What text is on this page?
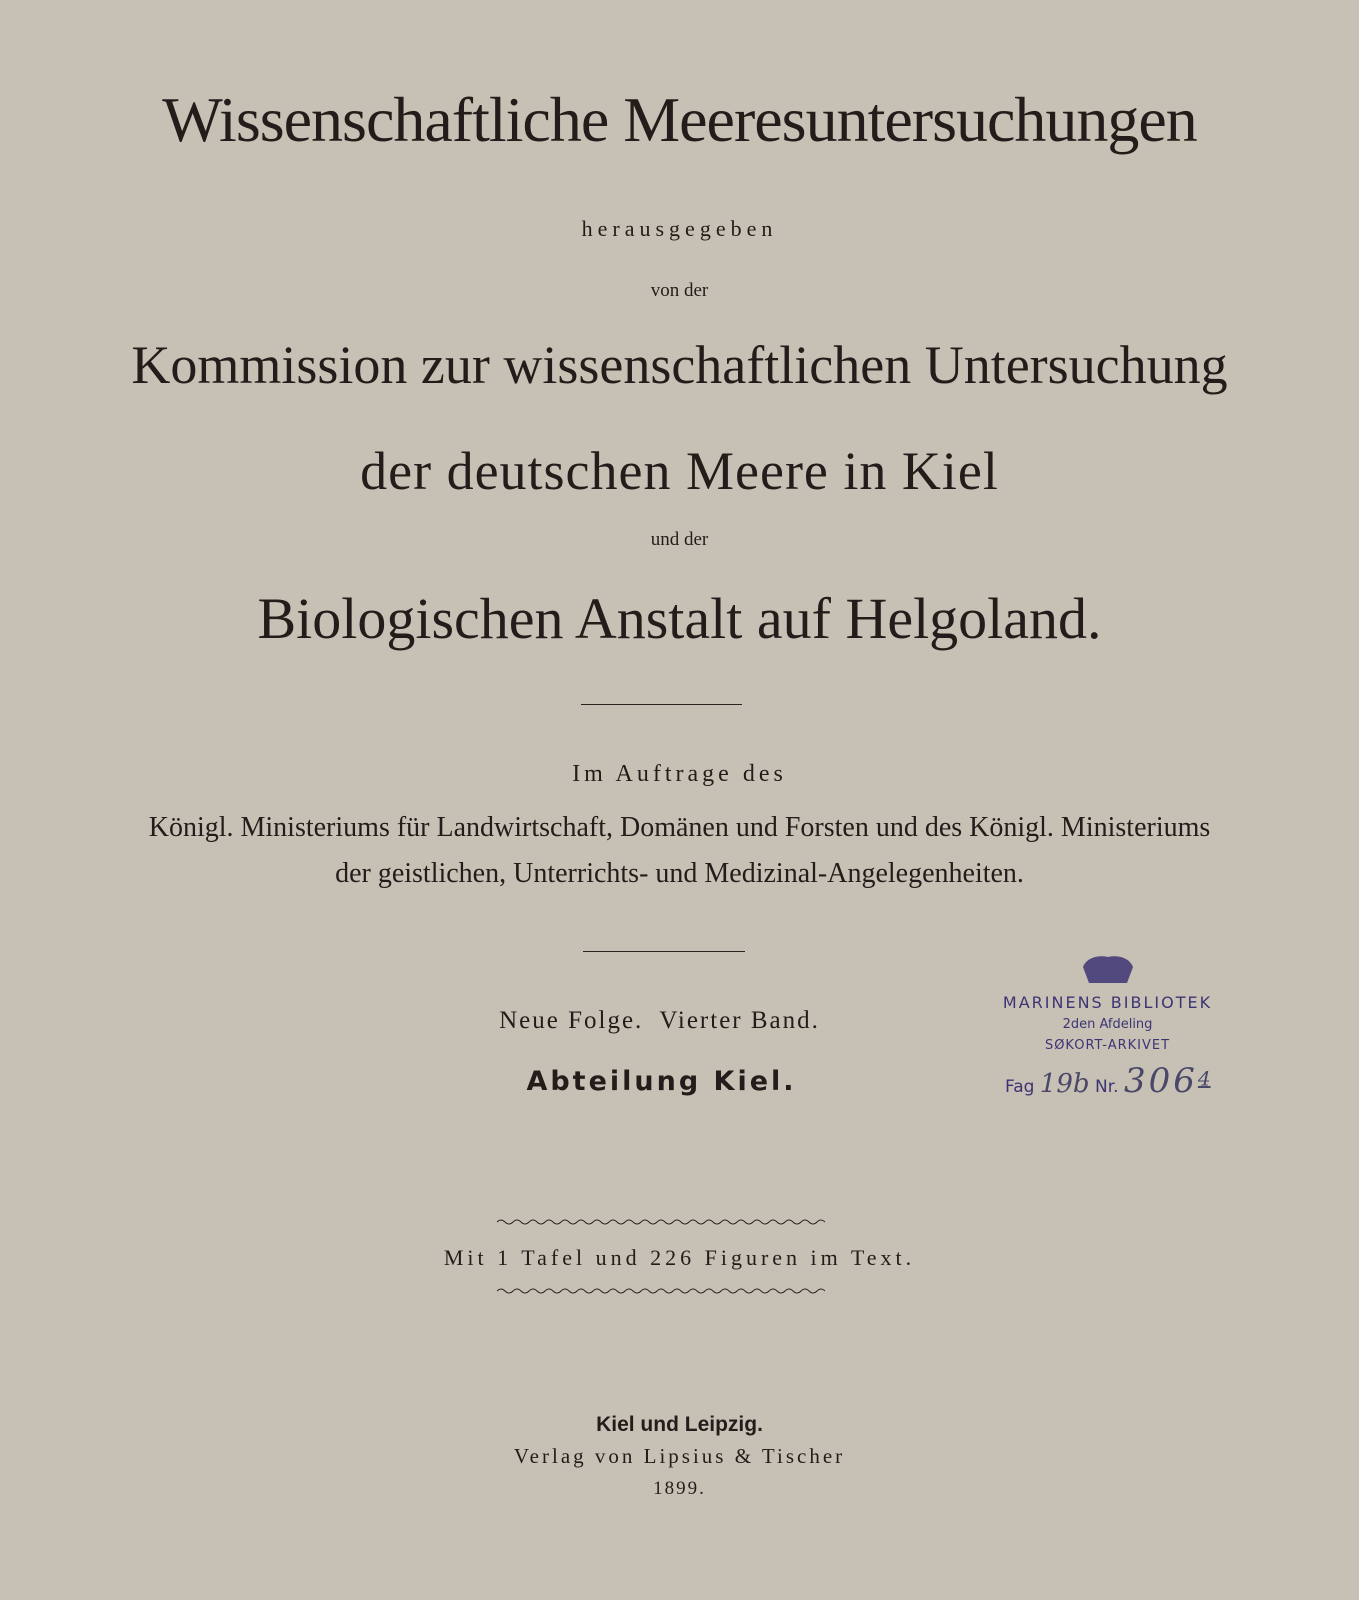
Wissenschaftliche Meeresuntersuchungen
herausgegeben
von der
Kommission zur wissenschaftlichen Untersuchung
der deutschen Meere in Kiel
und der
Biologischen Anstalt auf Helgoland.
Im Auftrage des
Königl. Ministeriums für Landwirtschaft, Domänen und Forsten und des Königl. Ministeriums
der geistlichen, Unterrichts- und Medizinal-Angelegenheiten.
Neue Folge.  Vierter Band.
Abteilung Kiel.
MARINENS BIBLIOTEK
2den Afdeling
SØKORT-ARKIVET
Fag 19b Nr. $306^4$
Mit 1 Tafel und 226 Figuren im Text.
Kiel und Leipzig.
Verlag von Lipsius & Tischer
1899.
